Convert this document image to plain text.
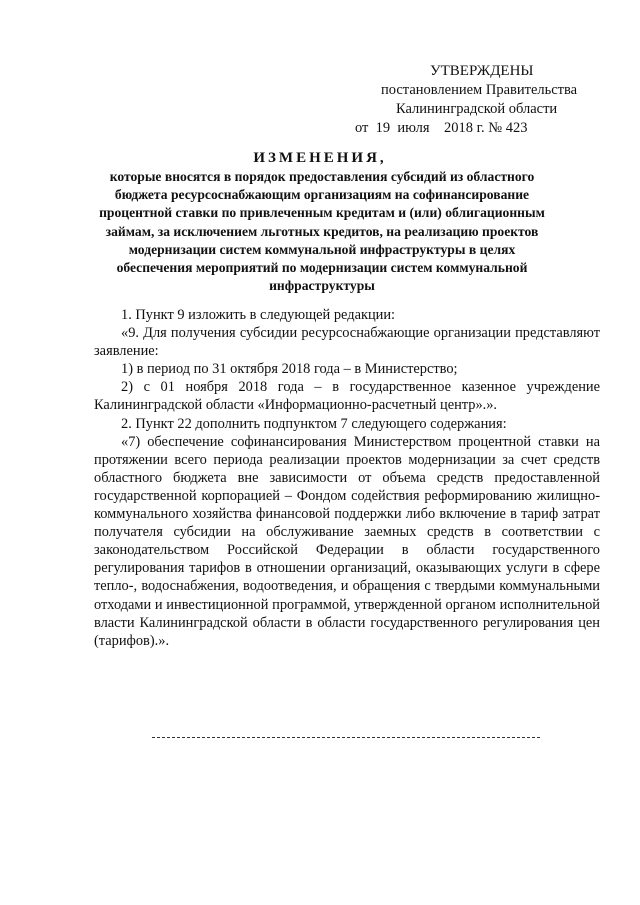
УТВЕРЖДЕНЫ
постановлением Правительства
Калининградской области
от 19 июля 2018 г. № 423
ИЗМЕНЕНИЯ,
которые вносятся в порядок предоставления субсидий из областного бюджета ресурсоснабжающим организациям на софинансирование процентной ставки по привлеченным кредитам и (или) облигационным займам, за исключением льготных кредитов, на реализацию проектов модернизации систем коммунальной инфраструктуры в целях обеспечения мероприятий по модернизации систем коммунальной инфраструктуры

1. Пункт 9 изложить в следующей редакции:

«9. Для получения субсидии ресурсоснабжающие организации представляют заявление:

1) в период по 31 октября 2018 года – в Министерство;

2) с 01 ноября 2018 года – в государственное казенное учреждение Калининградской области «Информационно-расчетный центр».».

2. Пункт 22 дополнить подпунктом 7 следующего содержания:

«7) обеспечение софинансирования Министерством процентной ставки на протяжении всего периода реализации проектов модернизации за счет средств областного бюджета вне зависимости от объема средств предоставленной государственной корпорацией – Фондом содействия реформированию жилищно-коммунального хозяйства финансовой поддержки либо включение в тариф затрат получателя субсидии на обслуживание заемных средств в соответствии с законодательством Российской Федерации в области государственного регулирования тарифов в отношении организаций, оказывающих услуги в сфере тепло-, водоснабжения, водоотведения, и обращения с твердыми коммунальными отходами и инвестиционной программой, утвержденной органом исполнительной власти Калининградской области в области государственного регулирования цен (тарифов).».
